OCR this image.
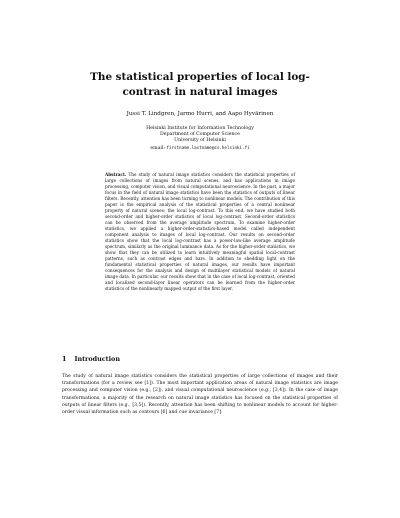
The statistical properties of local log-contrast in natural images
Jussi T. Lindgren, Jarmo Hurri, and Aapo Hyvärinen
Helsinki Institute for Information Technology
Department of Computer Science
University of Helsinki
email: firstname.lastname@cs.helsinki.fi
Abstract. The study of natural image statistics considers the statistical properties of large collections of images from natural scenes, and has applications in image processing, computer vision, and visual computational neuroscience. In the past, a major focus in the field of natural image statistics have been the statistics of outputs of linear filters. Recently, attention has been turning to nonlinear models. The contribution of this paper is the empirical analysis of the statistical properties of a central nonlinear property of natural scenes; the local log-contrast. To this end, we have studied both second-order and higher-order statistics of local log-contrast. Second-order statistics can be observed from the average amplitude spectrum. To examine higher-order statistics, we applied a higher-order-statistics-based model called independent component analysis to images of local log-contrast. Our results on second-order statistics show that the local log-contrast has a power-law-like average amplitude spectrum, similarly as the original luminance data. As for the higher-order statistics, we show that they can be utilized to learn intuitively meaningful spatial local-contrast patterns, such as contrast edges and bars. In addition to shedding light on the fundamental statistical properties of natural images, our results have important consequences for the analysis and design of multilayer statistical models of natural image data. In particular, our results show that in the case of local log-contrast, oriented and localized second-layer linear operators can be learned from the higher-order statistics of the nonlinearly mapped output of the first layer.
1 Introduction
The study of natural image statistics considers the statistical properties of large collections of images and their transformations (for a review see [1]). The most important application areas of natural image statistics are image processing and computer vision (e.g., [2]), and visual computational neuroscience (e.g., [3,4]). In the case of image transformations, a majority of the research on natural image statistics has focused on the statistical properties of outputs of linear filters (e.g., [3,5]). Recently, attention has been shifting to nonlinear models to account for higher-order visual information such as contours [6] and cue invariance [7].
